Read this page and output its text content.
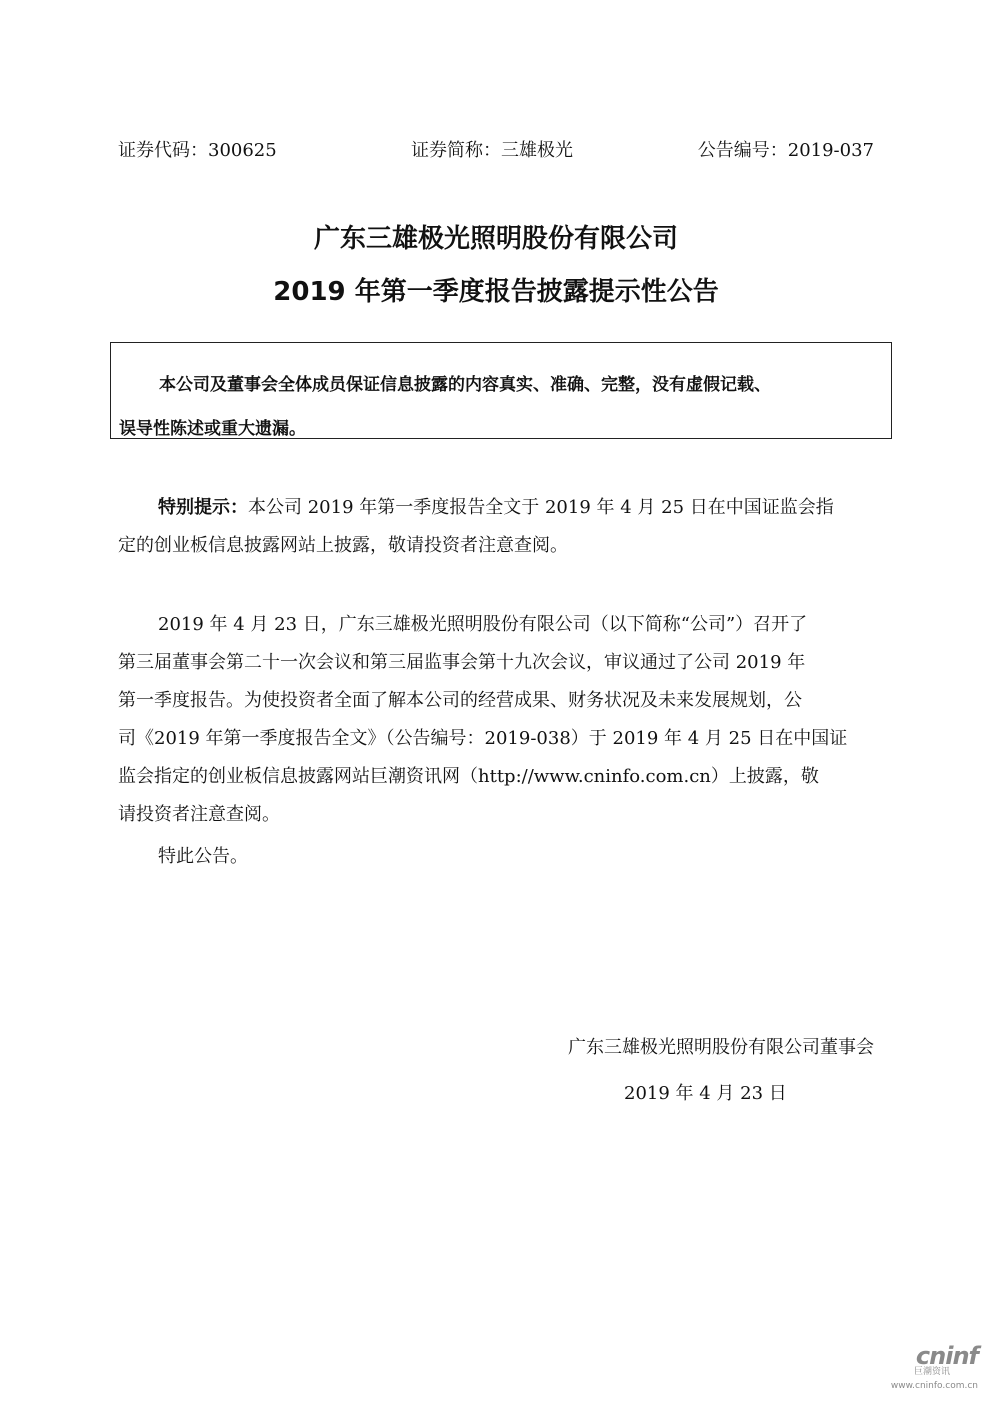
证券代码：300625	证券简称：三雄极光	公告编号：2019-037
广东三雄极光照明股份有限公司
2019 年第一季度报告披露提示性公告
本公司及董事会全体成员保证信息披露的内容真实、准确、完整，没有虚假记载、
误导性陈述或重大遗漏。
特别提示：本公司 2019 年第一季度报告全文于 2019 年 4 月 25 日在中国证监会指
定的创业板信息披露网站上披露，敬请投资者注意查阅。
2019 年 4 月 23 日，广东三雄极光照明股份有限公司（以下简称“公司”）召开了
第三届董事会第二十一次会议和第三届监事会第十九次会议，审议通过了公司 2019 年
第一季度报告。为使投资者全面了解本公司的经营成果、财务状况及未来发展规划，公
司《2019 年第一季度报告全文》（公告编号：2019-038）于 2019 年 4 月 25 日在中国证
监会指定的创业板信息披露网站巨潮资讯网（http://www.cninfo.com.cn）上披露，敬
请投资者注意查阅。
特此公告。
广东三雄极光照明股份有限公司董事会
2019 年 4 月 23 日
cninf
巨潮资讯
www.cninfo.com.cn
